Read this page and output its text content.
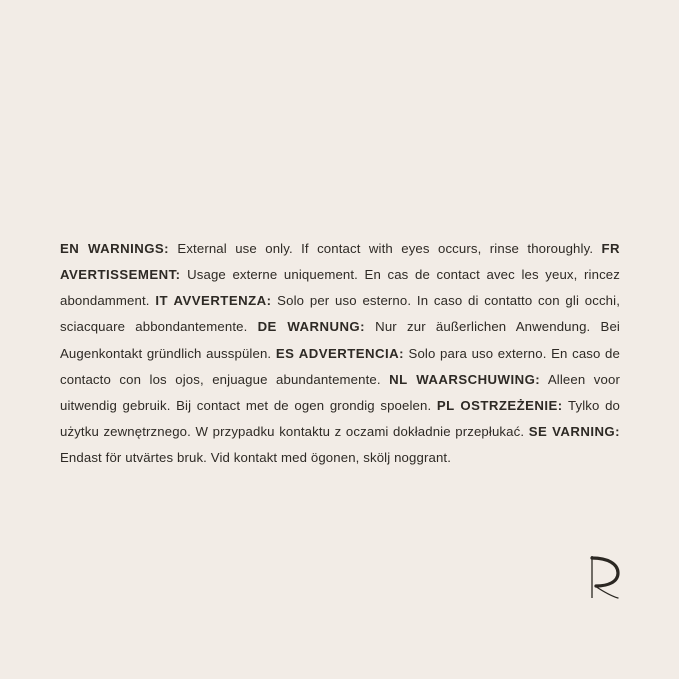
EN WARNINGS: External use only. If contact with eyes occurs, rinse thoroughly. FR AVERTISSEMENT: Usage externe uniquement. En cas de contact avec les yeux, rincez abondamment. IT AVVERTENZA: Solo per uso esterno. In caso di contatto con gli occhi, sciacquare abbondantemente. DE WARNUNG: Nur zur äußerlichen Anwendung. Bei Augenkontakt gründlich ausspülen. ES ADVERTENCIA: Solo para uso externo. En caso de contacto con los ojos, enjuague abundantemente. NL WAARSCHUWING: Alleen voor uitwendig gebruik. Bij contact met de ogen grondig spoelen. PL OSTRZEŻENIE: Tylko do użytku zewnętrznego. W przypadku kontaktu z oczami dokładnie przepłukać. SE VARNING: Endast för utvärtes bruk. Vid kontakt med ögonen, skölj noggrant.
